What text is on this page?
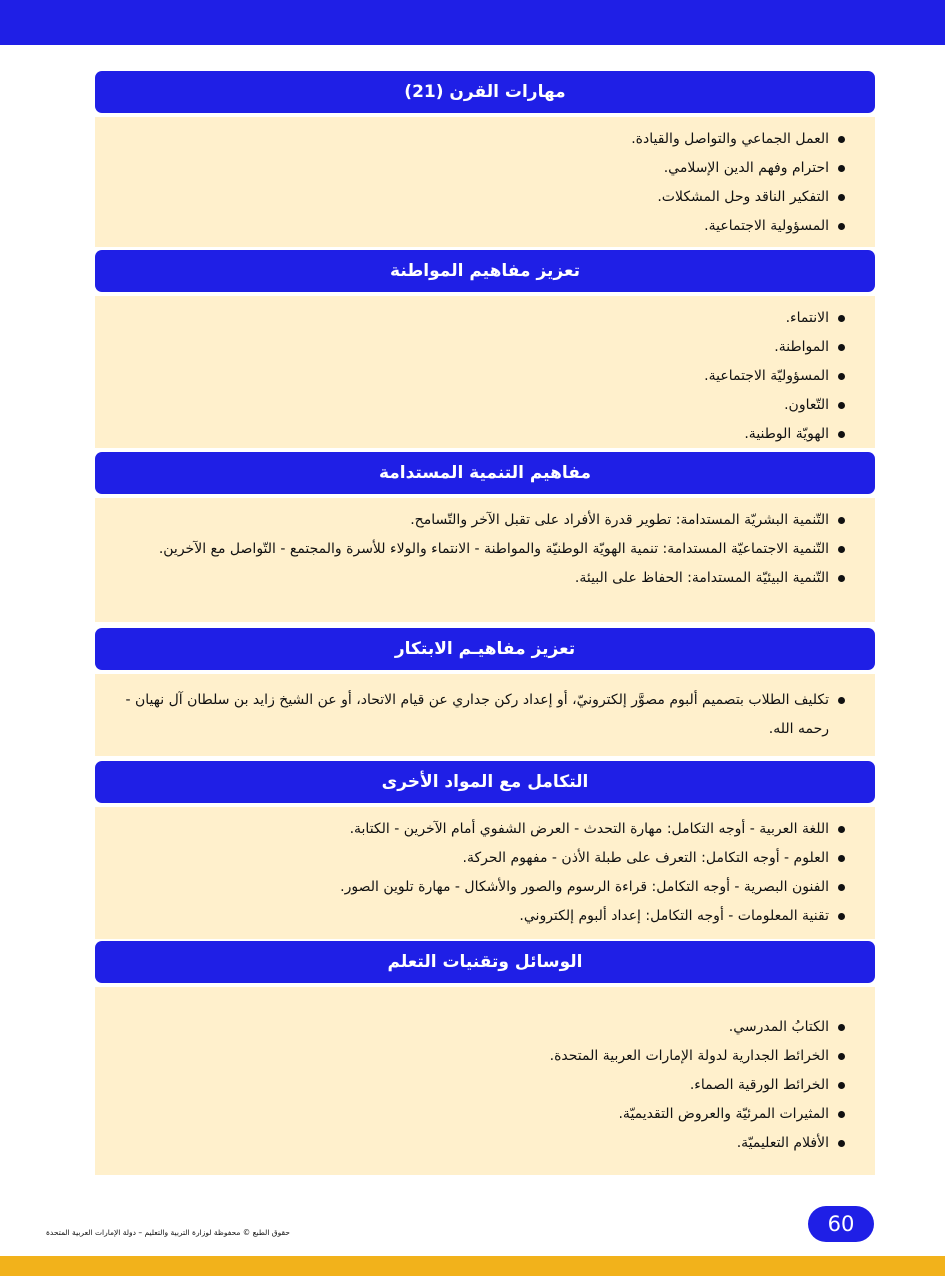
مهارات القرن (21)
العمل الجماعي والتواصل والقيادة.
احترام وفهم الدين الإسلامي.
التفكير الناقد وحل المشكلات.
المسؤولية الاجتماعية.
تعزيز مفاهيم المواطنة
الانتماء.
المواطنة.
المسؤوليّة الاجتماعية.
التّعاون.
الهويّة الوطنية.
مفاهيم التنمية المستدامة
التّنمية البشريّة المستدامة: تطوير قدرة الأفراد على تقبل الآخر والتّسامح.
التّنمية الاجتماعيّة المستدامة: تنمية الهويّة الوطنيّة والمواطنة - الانتماء والولاء للأسرة والمجتمع - التّواصل مع الآخرين.
التّنمية البيئيّة المستدامة: الحفاظ على البيئة.
تعزيز مفاهيـم الابتكار
تكليف الطلاب بتصميم ألبوم مصوَّر إلكترونيّ، أو إعداد ركن جداري عن قيام الاتحاد، أو عن الشيخ زايد بن سلطان آل نهيان - رحمه الله.
التكامل مع المواد الأخرى
اللغة العربية - أوجه التكامل: مهارة التحدث - العرض الشفوي أمام الآخرين - الكتابة.
العلوم - أوجه التكامل: التعرف على طبلة الأذن - مفهوم الحركة.
الفنون البصرية - أوجه التكامل: قراءة الرسوم والصور والأشكال - مهارة تلوين الصور.
تقنية المعلومات - أوجه التكامل: إعداد ألبوم إلكتروني.
الوسائل وتقنيات التعلم
الكتابُ المدرسي.
الخرائط الجدارية لدولة الإمارات العربية المتحدة.
الخرائط الورقية الصماء.
المثيرات المرئيّة والعروض التقديميّة.
الأفلام التعليميّة.
60
حقوق الطبع © محفوظة لوزارة التربية والتعليم – دولة الإمارات العربية المتحدة
